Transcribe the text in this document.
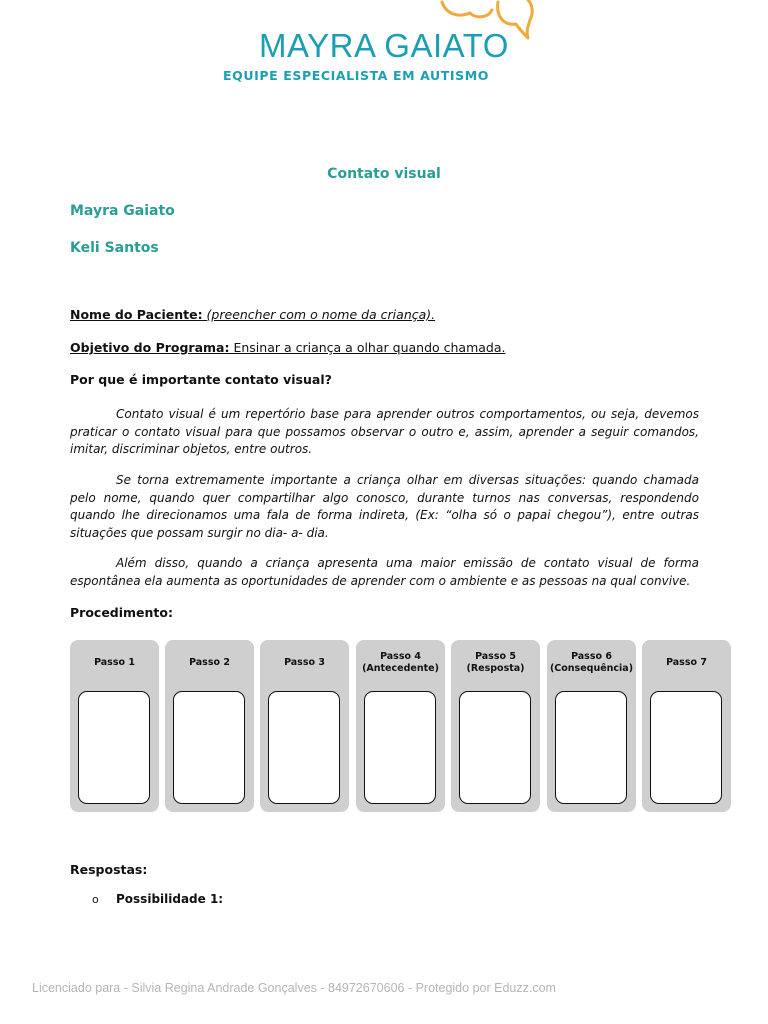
MAYRA GAIATO
EQUIPE ESPECIALISTA EM AUTISMO
Contato visual
Mayra Gaiato
Keli Santos
Nome do Paciente: (preencher com o nome da criança).
Objetivo do Programa: Ensinar a criança a olhar quando chamada.
Por que é importante contato visual?
Contato visual é um repertório base para aprender outros comportamentos, ou seja, devemos praticar o contato visual para que possamos observar o outro e, assim, aprender a seguir comandos, imitar, discriminar objetos, entre outros.
Se torna extremamente importante a criança olhar em diversas situações: quando chamada pelo nome, quando quer compartilhar algo conosco, durante turnos nas conversas, respondendo quando lhe direcionamos uma fala de forma indireta, (Ex: “olha só o papai chegou”), entre outras situações que possam surgir no dia- a- dia.
Além disso, quando a criança apresenta uma maior emissão de contato visual de forma espontânea ela aumenta as oportunidades de aprender com o ambiente e as pessoas na qual convive.
Procedimento:
Passo 1	Passo 2	Passo 3
Passo 4
(Antecedente)
Passo 5
(Resposta)
Passo 6
(Consequência)
Passo 7
Respostas:
o Possibilidade 1:
Licenciado para - Silvia Regina Andrade Gonçalves - 84972670606 - Protegido por Eduzz.com
